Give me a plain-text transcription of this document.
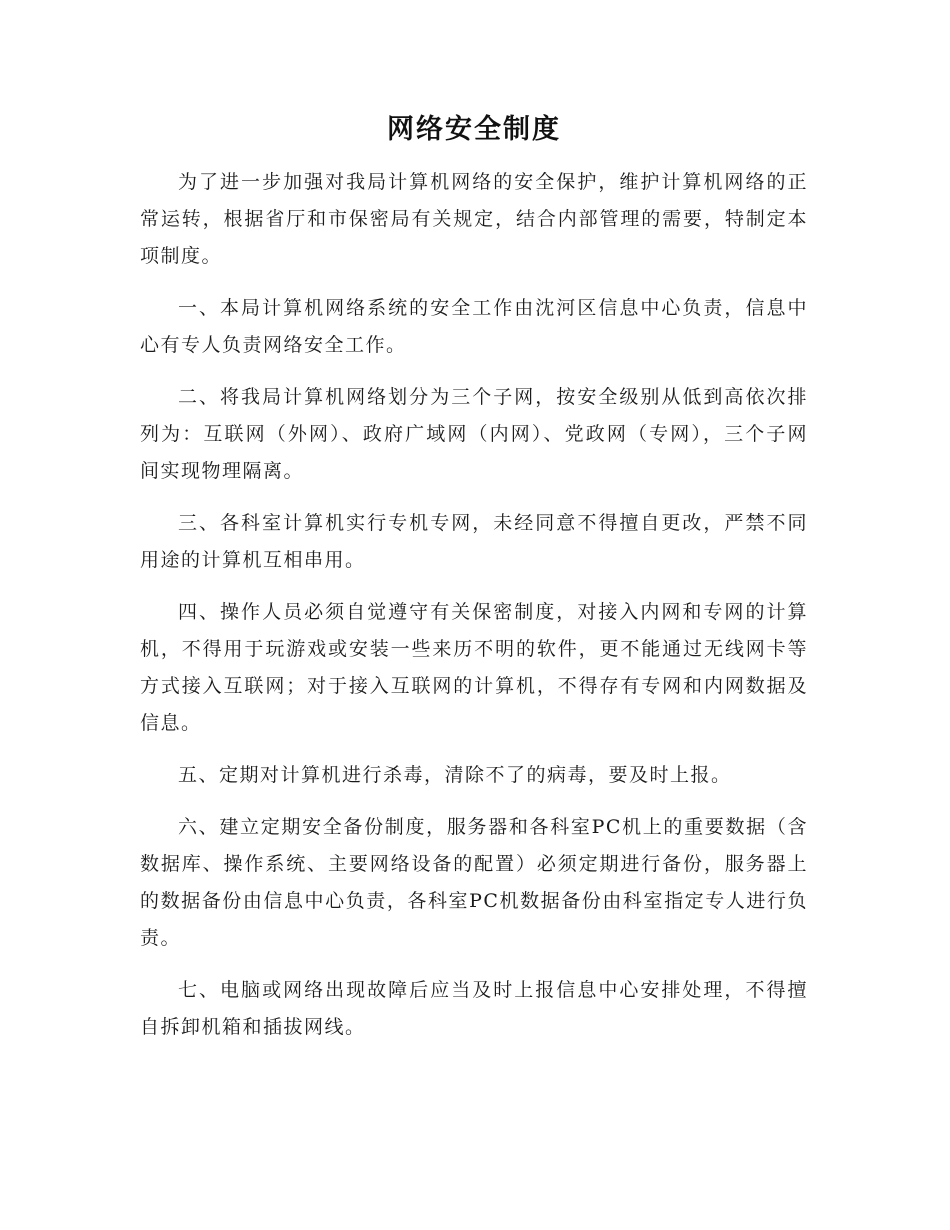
网络安全制度

为了进一步加强对我局计算机网络的安全保护，维护计算机网络的正常运转，根据省厅和市保密局有关规定，结合内部管理的需要，特制定本项制度。

一、本局计算机网络系统的安全工作由沈河区信息中心负责，信息中心有专人负责网络安全工作。

二、将我局计算机网络划分为三个子网，按安全级别从低到高依次排列为：互联网（外网）、政府广域网（内网）、党政网（专网），三个子网间实现物理隔离。

三、各科室计算机实行专机专网，未经同意不得擅自更改，严禁不同用途的计算机互相串用。

四、操作人员必须自觉遵守有关保密制度，对接入内网和专网的计算机，不得用于玩游戏或安装一些来历不明的软件，更不能通过无线网卡等方式接入互联网；对于接入互联网的计算机，不得存有专网和内网数据及信息。

五、定期对计算机进行杀毒，清除不了的病毒，要及时上报。

六、建立定期安全备份制度，服务器和各科室PC机上的重要数据（含数据库、操作系统、主要网络设备的配置）必须定期进行备份，服务器上的数据备份由信息中心负责，各科室PC机数据备份由科室指定专人进行负责。

七、电脑或网络出现故障后应当及时上报信息中心安排处理，不得擅自拆卸机箱和插拔网线。
